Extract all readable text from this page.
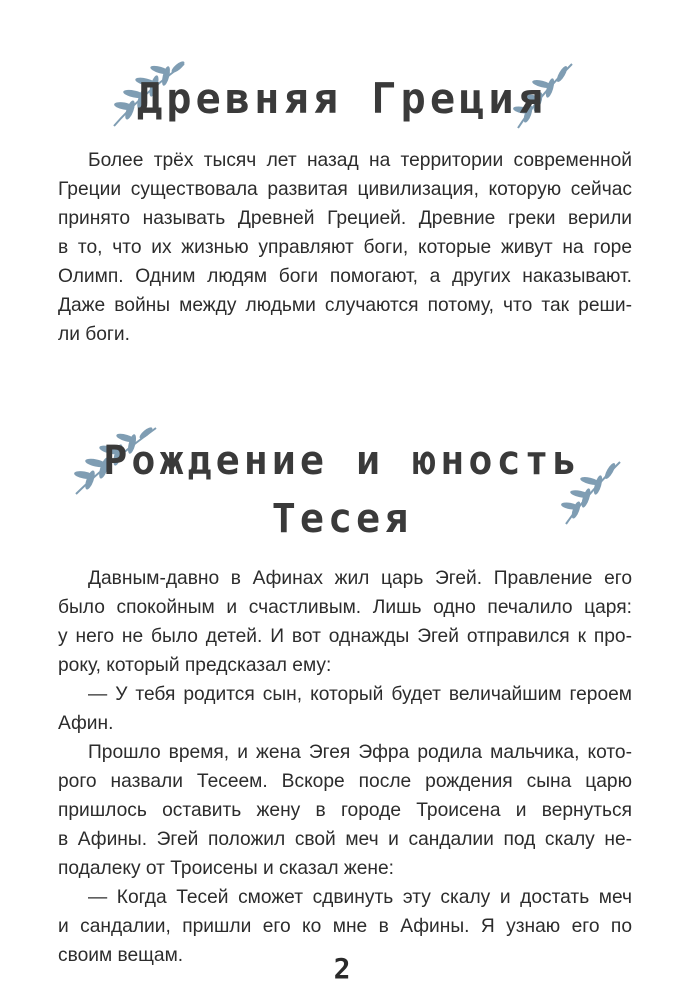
Древняя Греция
Более трёх тысяч лет назад на территории современной
Греции существовала развитая цивилизация, которую сейчас
принято называть Древней Грецией. Древние греки верили
в то, что их жизнью управляют боги, которые живут на горе
Олимп. Одним людям боги помогают, а других наказывают.
Даже войны между людьми случаются потому, что так реши-
ли боги.
Рождение и юность
Тесея
Давным-давно в Афинах жил царь Эгей. Правление его
было спокойным и счастливым. Лишь одно печалило царя:
у него не было детей. И вот однажды Эгей отправился к про-
року, который предсказал ему:
— У тебя родится сын, который будет величайшим героем
Афин.
Прошло время, и жена Эгея Эфра родила мальчика, кото-
рого назвали Тесеем. Вскоре после рождения сына царю
пришлось оставить жену в городе Троисена и вернуться
в Афины. Эгей положил свой меч и сандалии под скалу не-
подалеку от Троисены и сказал жене:
— Когда Тесей сможет сдвинуть эту скалу и достать меч
и сандалии, пришли его ко мне в Афины. Я узнаю его по
своим вещам.	2
